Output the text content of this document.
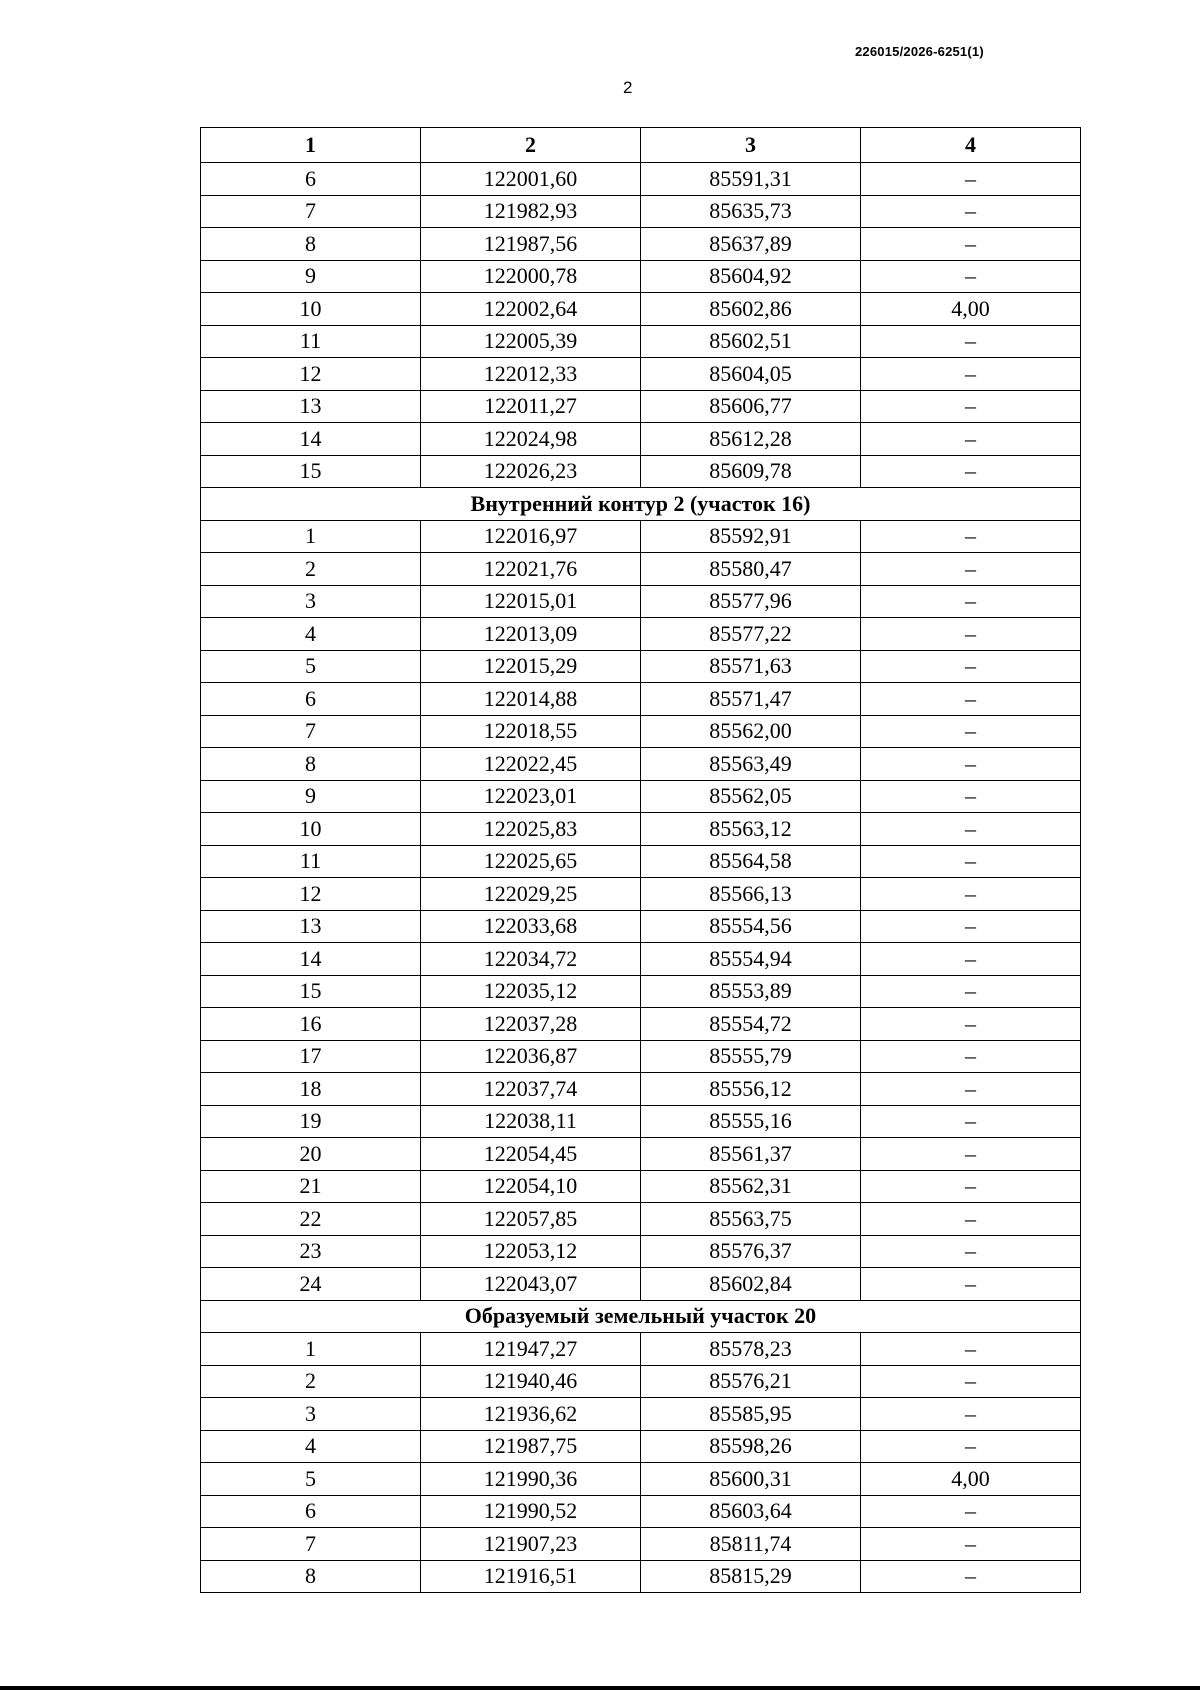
226015/2026-6251(1)
2
1	2	3	4
6	122001,60	85591,31	–
7	121982,93	85635,73	–
8	121987,56	85637,89	–
9	122000,78	85604,92	–
10	122002,64	85602,86	4,00
11	122005,39	85602,51	–
12	122012,33	85604,05	–
13	122011,27	85606,77	–
14	122024,98	85612,28	–
15	122026,23	85609,78	–
Внутренний контур 2 (участок 16)			
1	122016,97	85592,91	–
2	122021,76	85580,47	–
3	122015,01	85577,96	–
4	122013,09	85577,22	–
5	122015,29	85571,63	–
6	122014,88	85571,47	–
7	122018,55	85562,00	–
8	122022,45	85563,49	–
9	122023,01	85562,05	–
10	122025,83	85563,12	–
11	122025,65	85564,58	–
12	122029,25	85566,13	–
13	122033,68	85554,56	–
14	122034,72	85554,94	–
15	122035,12	85553,89	–
16	122037,28	85554,72	–
17	122036,87	85555,79	–
18	122037,74	85556,12	–
19	122038,11	85555,16	–
20	122054,45	85561,37	–
21	122054,10	85562,31	–
22	122057,85	85563,75	–
23	122053,12	85576,37	–
24	122043,07	85602,84	–
Образуемый земельный участок 20			
1	121947,27	85578,23	–
2	121940,46	85576,21	–
3	121936,62	85585,95	–
4	121987,75	85598,26	–
5	121990,36	85600,31	4,00
6	121990,52	85603,64	–
7	121907,23	85811,74	–
8	121916,51	85815,29	–
